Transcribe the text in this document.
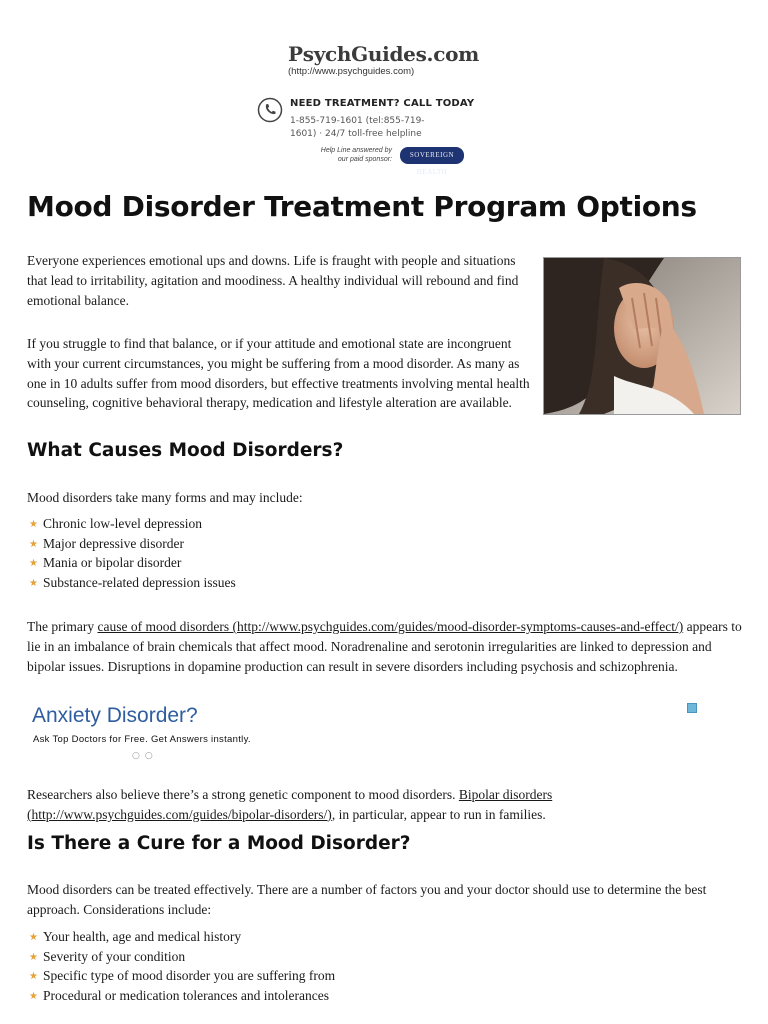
PsychGuides.com
(http://www.psychguides.com)
NEED TREATMENT? CALL TODAY
1-855-719-1601 (tel:855-719-1601) · 24/7 toll-free helpline
Help Line answered by our paid sponsor:
SOVEREIGN HEALTH
Mood Disorder Treatment Program Options

Everyone experiences emotional ups and downs. Life is fraught with people and situations that lead to irritability, agitation and moodiness. A healthy individual will rebound and find emotional balance.

If you struggle to find that balance, or if your attitude and emotional state are incongruent with your current circumstances, you might be suffering from a mood disorder. As many as one in 10 adults suffer from mood disorders, but effective treatments involving mental health counseling, cognitive behavioral therapy, medication and lifestyle alteration are available.

What Causes Mood Disorders?

Mood disorders take many forms and may include:

★ Chronic low-level depression
★ Major depressive disorder
★ Mania or bipolar disorder
★ Substance-related depression issues

The primary cause of mood disorders (http://www.psychguides.com/guides/mood-disorder-symptoms-causes-and-effect/) appears to lie in an imbalance of brain chemicals that affect mood. Noradrenaline and serotonin irregularities are linked to depression and bipolar issues. Disruptions in dopamine production can result in severe disorders including psychosis and schizophrenia.

Anxiety Disorder?
Ask Top Doctors for Free. Get Answers instantly.
○○

Researchers also believe there’s a strong genetic component to mood disorders. Bipolar disorders (http://www.psychguides.com/guides/bipolar-disorders/), in particular, appear to run in families.

Is There a Cure for a Mood Disorder?

Mood disorders can be treated effectively. There are a number of factors you and your doctor should use to determine the best approach. Considerations include:

★ Your health, age and medical history
★ Severity of your condition
★ Specific type of mood disorder you are suffering from
★ Procedural or medication tolerances and intolerances
